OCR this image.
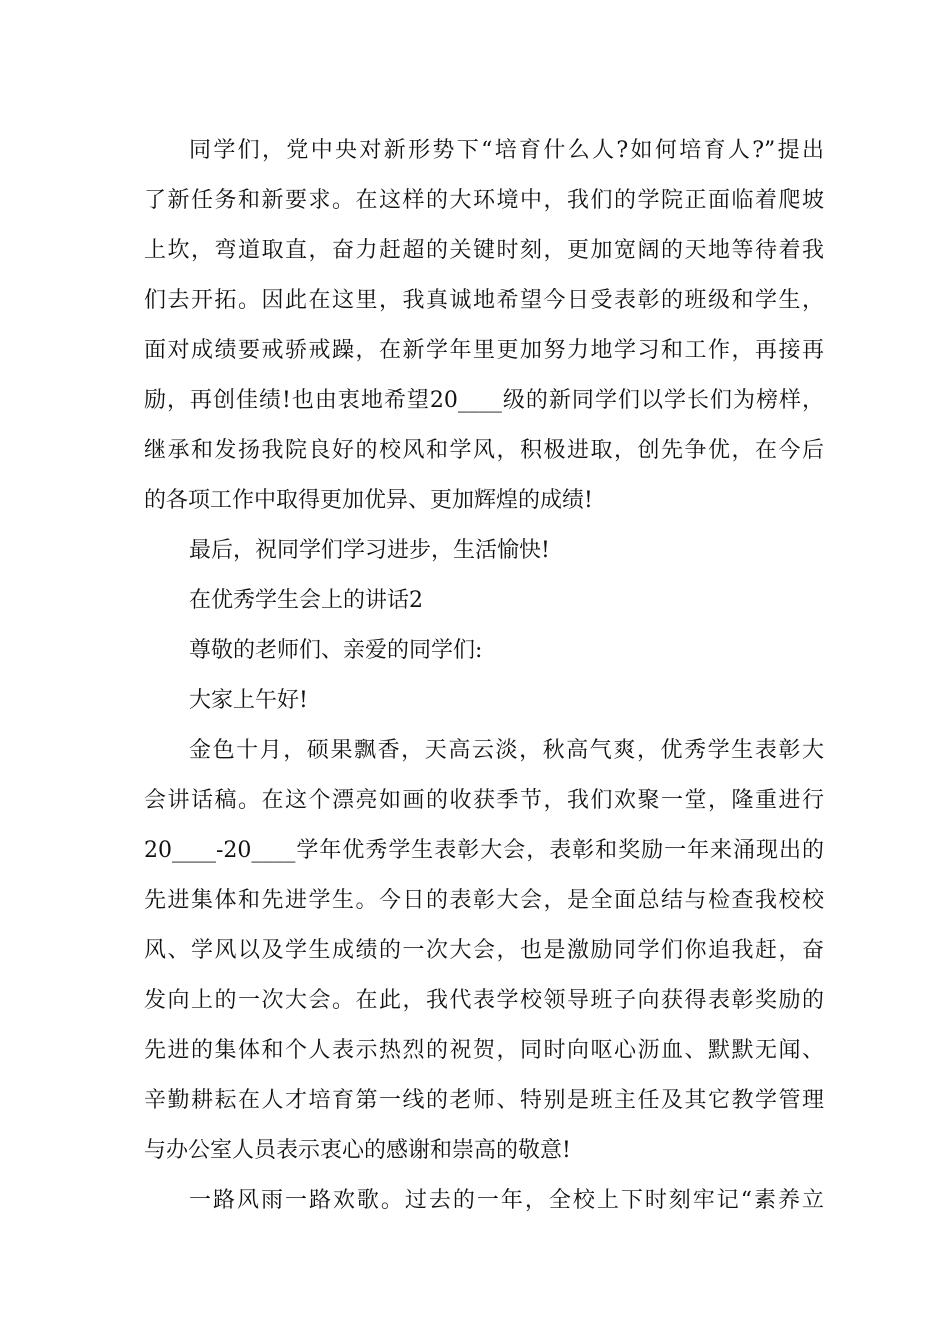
同学们，党中央对新形势下“培育什么人?如何培育人?”提出
了新任务和新要求。在这样的大环境中，我们的学院正面临着爬坡
上坎，弯道取直，奋力赶超的关键时刻，更加宽阔的天地等待着我
们去开拓。因此在这里，我真诚地希望今日受表彰的班级和学生，
面对成绩要戒骄戒躁，在新学年里更加努力地学习和工作，再接再
励，再创佳绩!也由衷地希望20____级的新同学们以学长们为榜样，
继承和发扬我院良好的校风和学风，积极进取，创先争优，在今后
的各项工作中取得更加优异、更加辉煌的成绩!
最后，祝同学们学习进步，生活愉快!
在优秀学生会上的讲话2
尊敬的老师们、亲爱的同学们:
大家上午好!
金色十月，硕果飘香，天高云淡，秋高气爽，优秀学生表彰大
会讲话稿。在这个漂亮如画的收获季节，我们欢聚一堂，隆重进行
20____-20____学年优秀学生表彰大会，表彰和奖励一年来涌现出的
先进集体和先进学生。今日的表彰大会，是全面总结与检查我校校
风、学风以及学生成绩的一次大会，也是激励同学们你追我赶，奋
发向上的一次大会。在此，我代表学校领导班子向获得表彰奖励的
先进的集体和个人表示热烈的祝贺，同时向呕心沥血、默默无闻、
辛勤耕耘在人才培育第一线的老师、特别是班主任及其它教学管理
与办公室人员表示衷心的感谢和崇高的敬意!
一路风雨一路欢歌。过去的一年，全校上下时刻牢记“素养立
